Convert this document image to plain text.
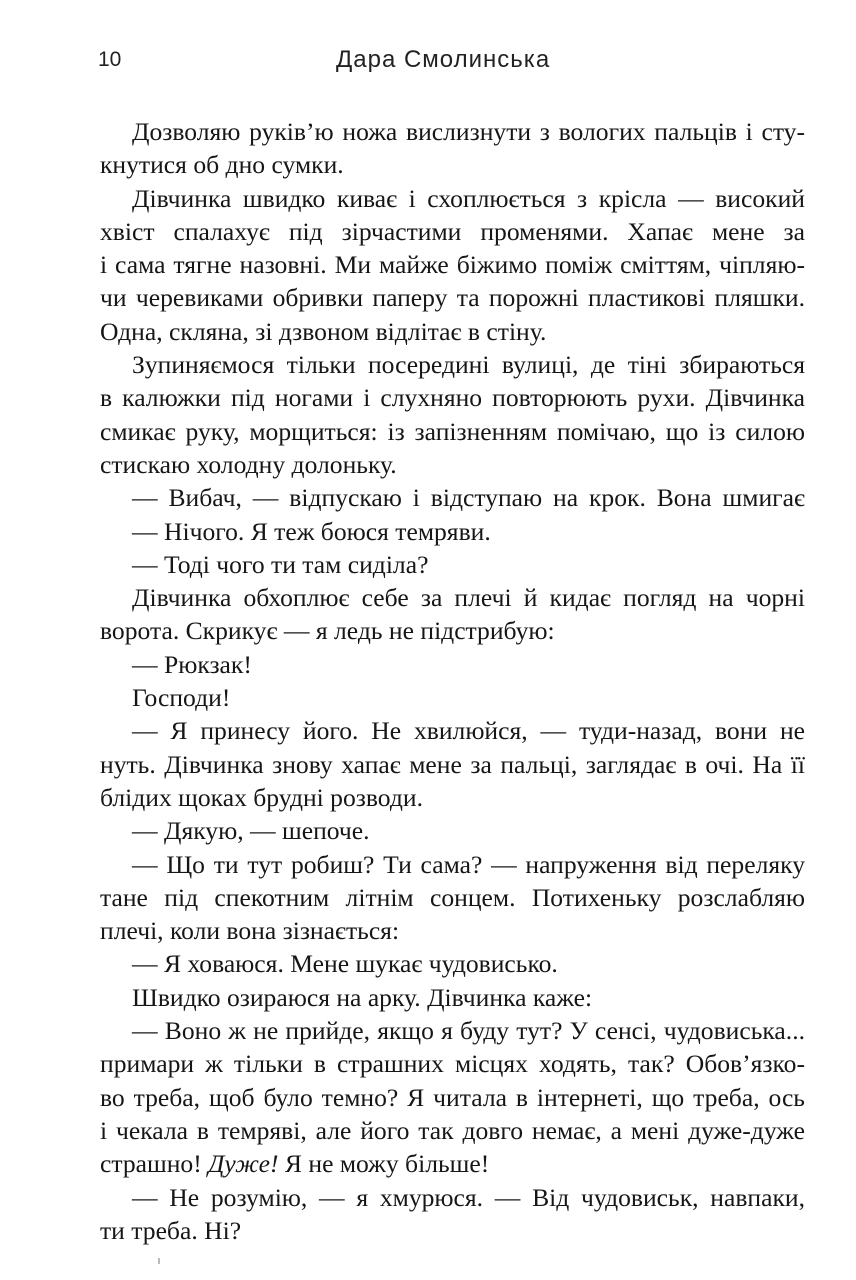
10	Дара Смолинська
Дозволяю руків’ю ножа вислизнути з вологих пальців і сту-
кнутися об дно сумки.
Дівчинка швидко киває і схоплюється з крісла — високий
хвіст спалахує під зірчастими променями. Хапає мене за
і сама тягне назовні. Ми майже біжимо поміж сміттям, чіпляю-
чи черевиками обривки паперу та порожні пластикові пляшки.
Одна, скляна, зі дзвоном відлітає в стіну.
Зупиняємося тільки посередині вулиці, де тіні збираються
в калюжки під ногами і слухняно повторюють рухи. Дівчинка
смикає руку, морщиться: із запізненням помічаю, що із силою
стискаю холодну долоньку.
— Вибач, — відпускаю і відступаю на крок. Вона шмигає
— Нічого. Я теж боюся темряви.
— Тоді чого ти там сиділа?
Дівчинка обхоплює себе за плечі й кидає погляд на чорні
ворота. Скрикує — я ледь не підстрибую:
— Рюкзак!
Господи!
— Я принесу його. Не хвилюйся, — туди-назад, вони не
нуть. Дівчинка знову хапає мене за пальці, заглядає в очі. На її
блідих щоках брудні розводи.
— Дякую, — шепоче.
— Що ти тут робиш? Ти сама? — напруження від переляку
тане під спекотним літнім сонцем. Потихеньку розслабляю
плечі, коли вона зізнається:
— Я ховаюся. Мене шукає чудовисько.
Швидко озираюся на арку. Дівчинка каже:
— Воно ж не прийде, якщо я буду тут? У сенсі, чудовиська...
примари ж тільки в страшних місцях ходять, так? Обов’язко-
во треба, щоб було темно? Я читала в інтернеті, що треба, ось
і чекала в темряві, але його так довго немає, а мені дуже-дуже
страшно! Дуже! Я не можу більше!
— Не розумію, — я хмурюся. — Від чудовиськ, навпаки,
ти треба. Ні?
